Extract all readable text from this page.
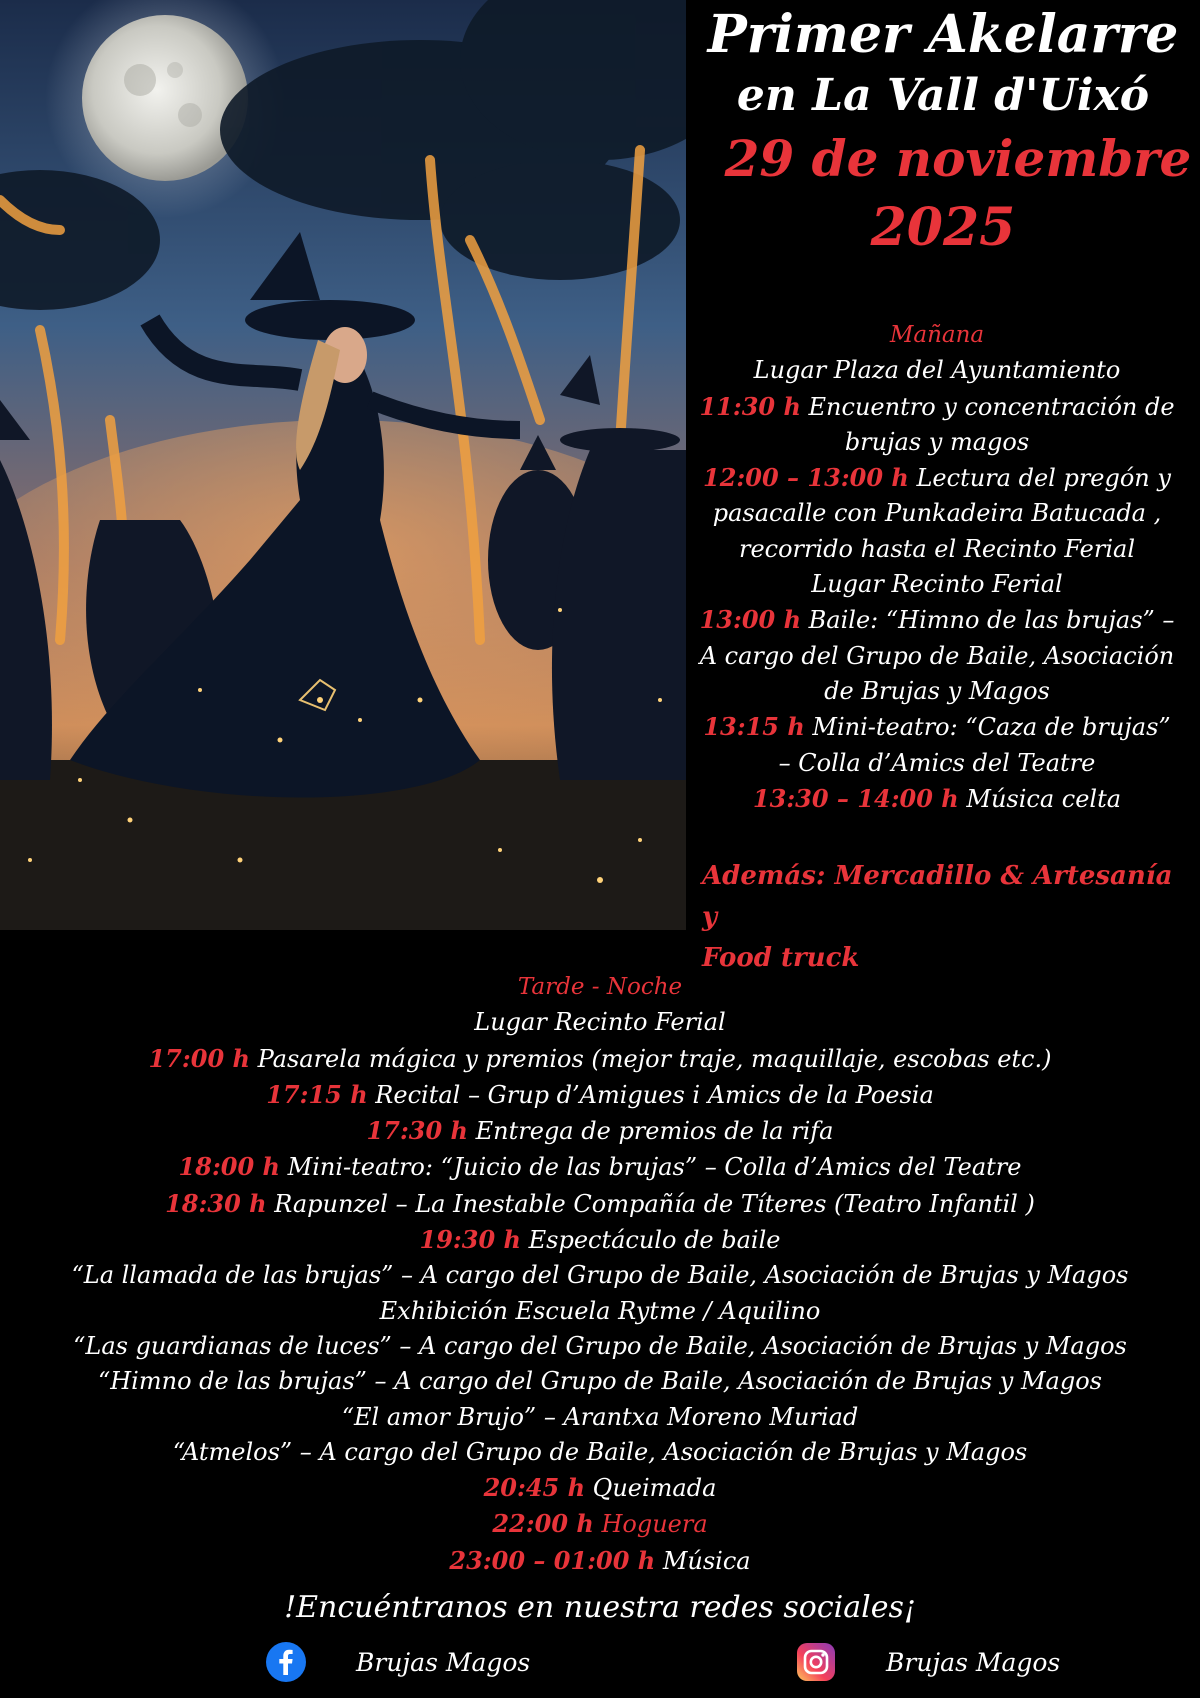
Primer Akelarre
en La Vall d'Uixó
29 de noviembre
2025
Mañana
Lugar Plaza del Ayuntamiento
11:30 h Encuentro y concentración de
brujas y magos
12:00 – 13:00 h Lectura del pregón y
pasacalle con Punkadeira Batucada ,
recorrido hasta el Recinto Ferial
Lugar Recinto Ferial
13:00 h Baile: “Himno de las brujas” –
A cargo del Grupo de Baile, Asociación
de Brujas y Magos
13:15 h Mini-teatro: “Caza de brujas”
– Colla d’Amics del Teatre
13:30 – 14:00 h Música celta
Además: Mercadillo & Artesanía y
Food truck
Tarde - Noche
Lugar Recinto Ferial
17:00 h Pasarela mágica y premios (mejor traje, maquillaje, escobas etc.)
17:15 h Recital – Grup d’Amigues i Amics de la Poesia
17:30 h Entrega de premios de la rifa
18:00 h Mini-teatro: “Juicio de las brujas” – Colla d’Amics del Teatre
18:30 h Rapunzel – La Inestable Compañía de Títeres (Teatro Infantil )
19:30 h Espectáculo de baile
“La llamada de las brujas” – A cargo del Grupo de Baile, Asociación de Brujas y Magos
Exhibición Escuela Rytme / Aquilino
“Las guardianas de luces” – A cargo del Grupo de Baile, Asociación de Brujas y Magos
“Himno de las brujas” – A cargo del Grupo de Baile, Asociación de Brujas y Magos
“El amor Brujo” – Arantxa Moreno Muriad
“Atmelos” – A cargo del Grupo de Baile, Asociación de Brujas y Magos
20:45 h Queimada
22:00 h Hoguera
23:00 – 01:00 h Música
!Encuéntranos en nuestra redes sociales¡
Brujas Magos	Brujas Magos
